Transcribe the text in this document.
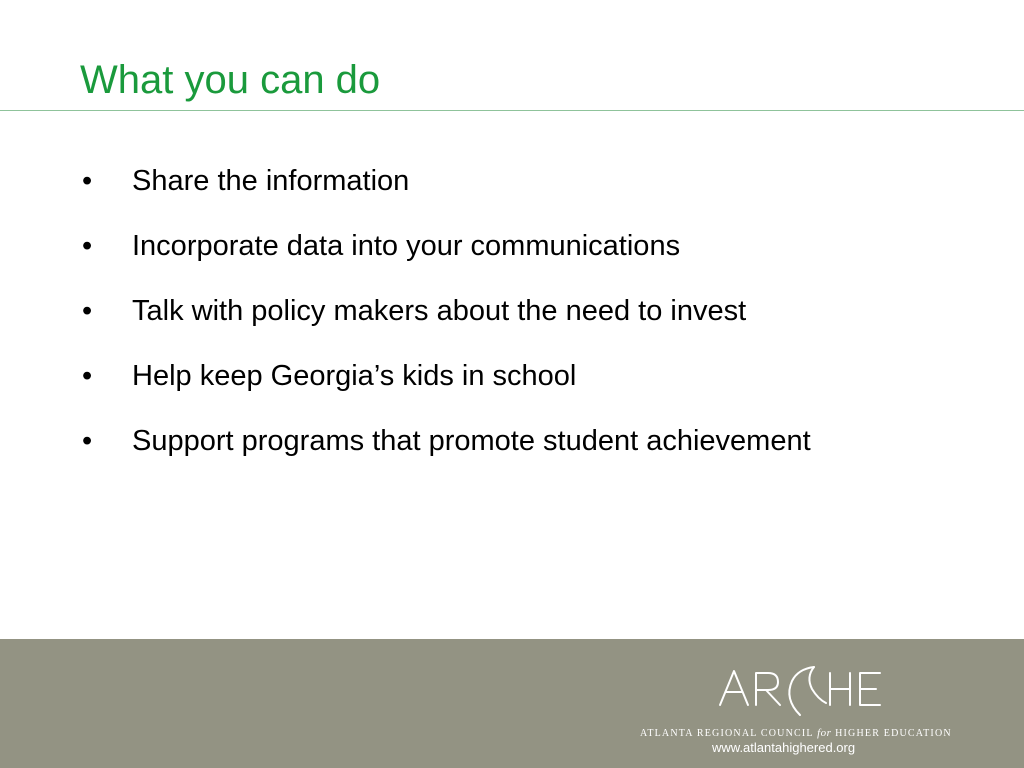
What you can do
• Share the information
• Incorporate data into your communications
• Talk with policy makers about the need to invest
• Help keep Georgia’s kids in school
• Support programs that promote student achievement
ATLANTA REGIONAL COUNCIL for HIGHER EDUCATION
www.atlantahighered.org
